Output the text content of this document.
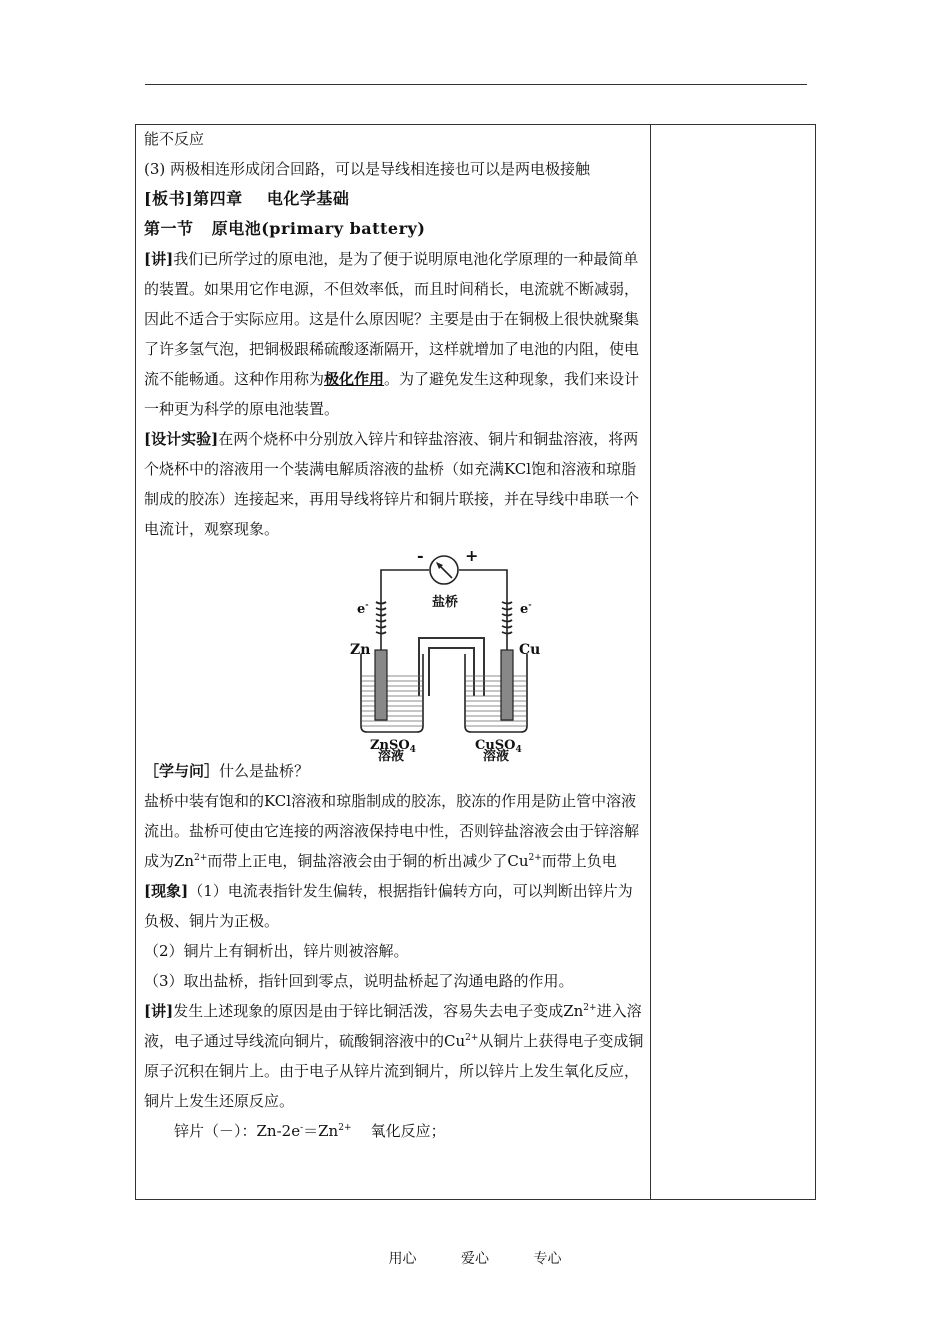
能不反应

(3) 两极相连形成闭合回路，可以是导线相连接也可以是两电极接触

[板书]第四章    电化学基础

第一节   原电池(primary battery)

[讲]我们已所学过的原电池，是为了便于说明原电池化学原理的一种最简单的装置。如果用它作电源，不但效率低，而且时间稍长，电流就不断减弱，因此不适合于实际应用。这是什么原因呢？主要是由于在铜极上很快就聚集了许多氢气泡，把铜极跟稀硫酸逐渐隔开，这样就增加了电池的内阻，使电流不能畅通。这种作用称为极化作用。为了避免发生这种现象，我们来设计一种更为科学的原电池装置。

[设计实验]在两个烧杯中分别放入锌片和锌盐溶液、铜片和铜盐溶液，将两个烧杯中的溶液用一个装满电解质溶液的盐桥（如充满KCl饱和溶液和琼脂制成的胶冻）连接起来，再用导线将锌片和铜片联接，并在导线中串联一个电流计，观察现象。

-	+
盐桥
e-	e-
Zn	Cu
ZnSO$_4$	CuSO$_4$
溶液	溶液

［学与问］什么是盐桥？

盐桥中装有饱和的KCl溶液和琼脂制成的胶冻，胶冻的作用是防止管中溶液流出。盐桥可使由它连接的两溶液保持电中性，否则锌盐溶液会由于锌溶解成为$Zn^{2+}$而带上正电，铜盐溶液会由于铜的析出减少了$Cu^{2+}$而带上负电

[现象]（1）电流表指针发生偏转，根据指针偏转方向，可以判断出锌片为负极、铜片为正极。

（2）铜片上有铜析出，锌片则被溶解。

（3）取出盐桥，指针回到零点，说明盐桥起了沟通电路的作用。

[讲]发生上述现象的原因是由于锌比铜活泼，容易失去电子变成$Zn^{2+}$进入溶液，电子通过导线流向铜片，硫酸铜溶液中的$Cu^{2+}$从铜片上获得电子变成铜原子沉积在铜片上。由于电子从锌片流到铜片，所以锌片上发生氧化反应，铜片上发生还原反应。

锌片（－）：$Zn-2e^-=Zn^{2+}$    氧化反应；

用心	爱心	专心
